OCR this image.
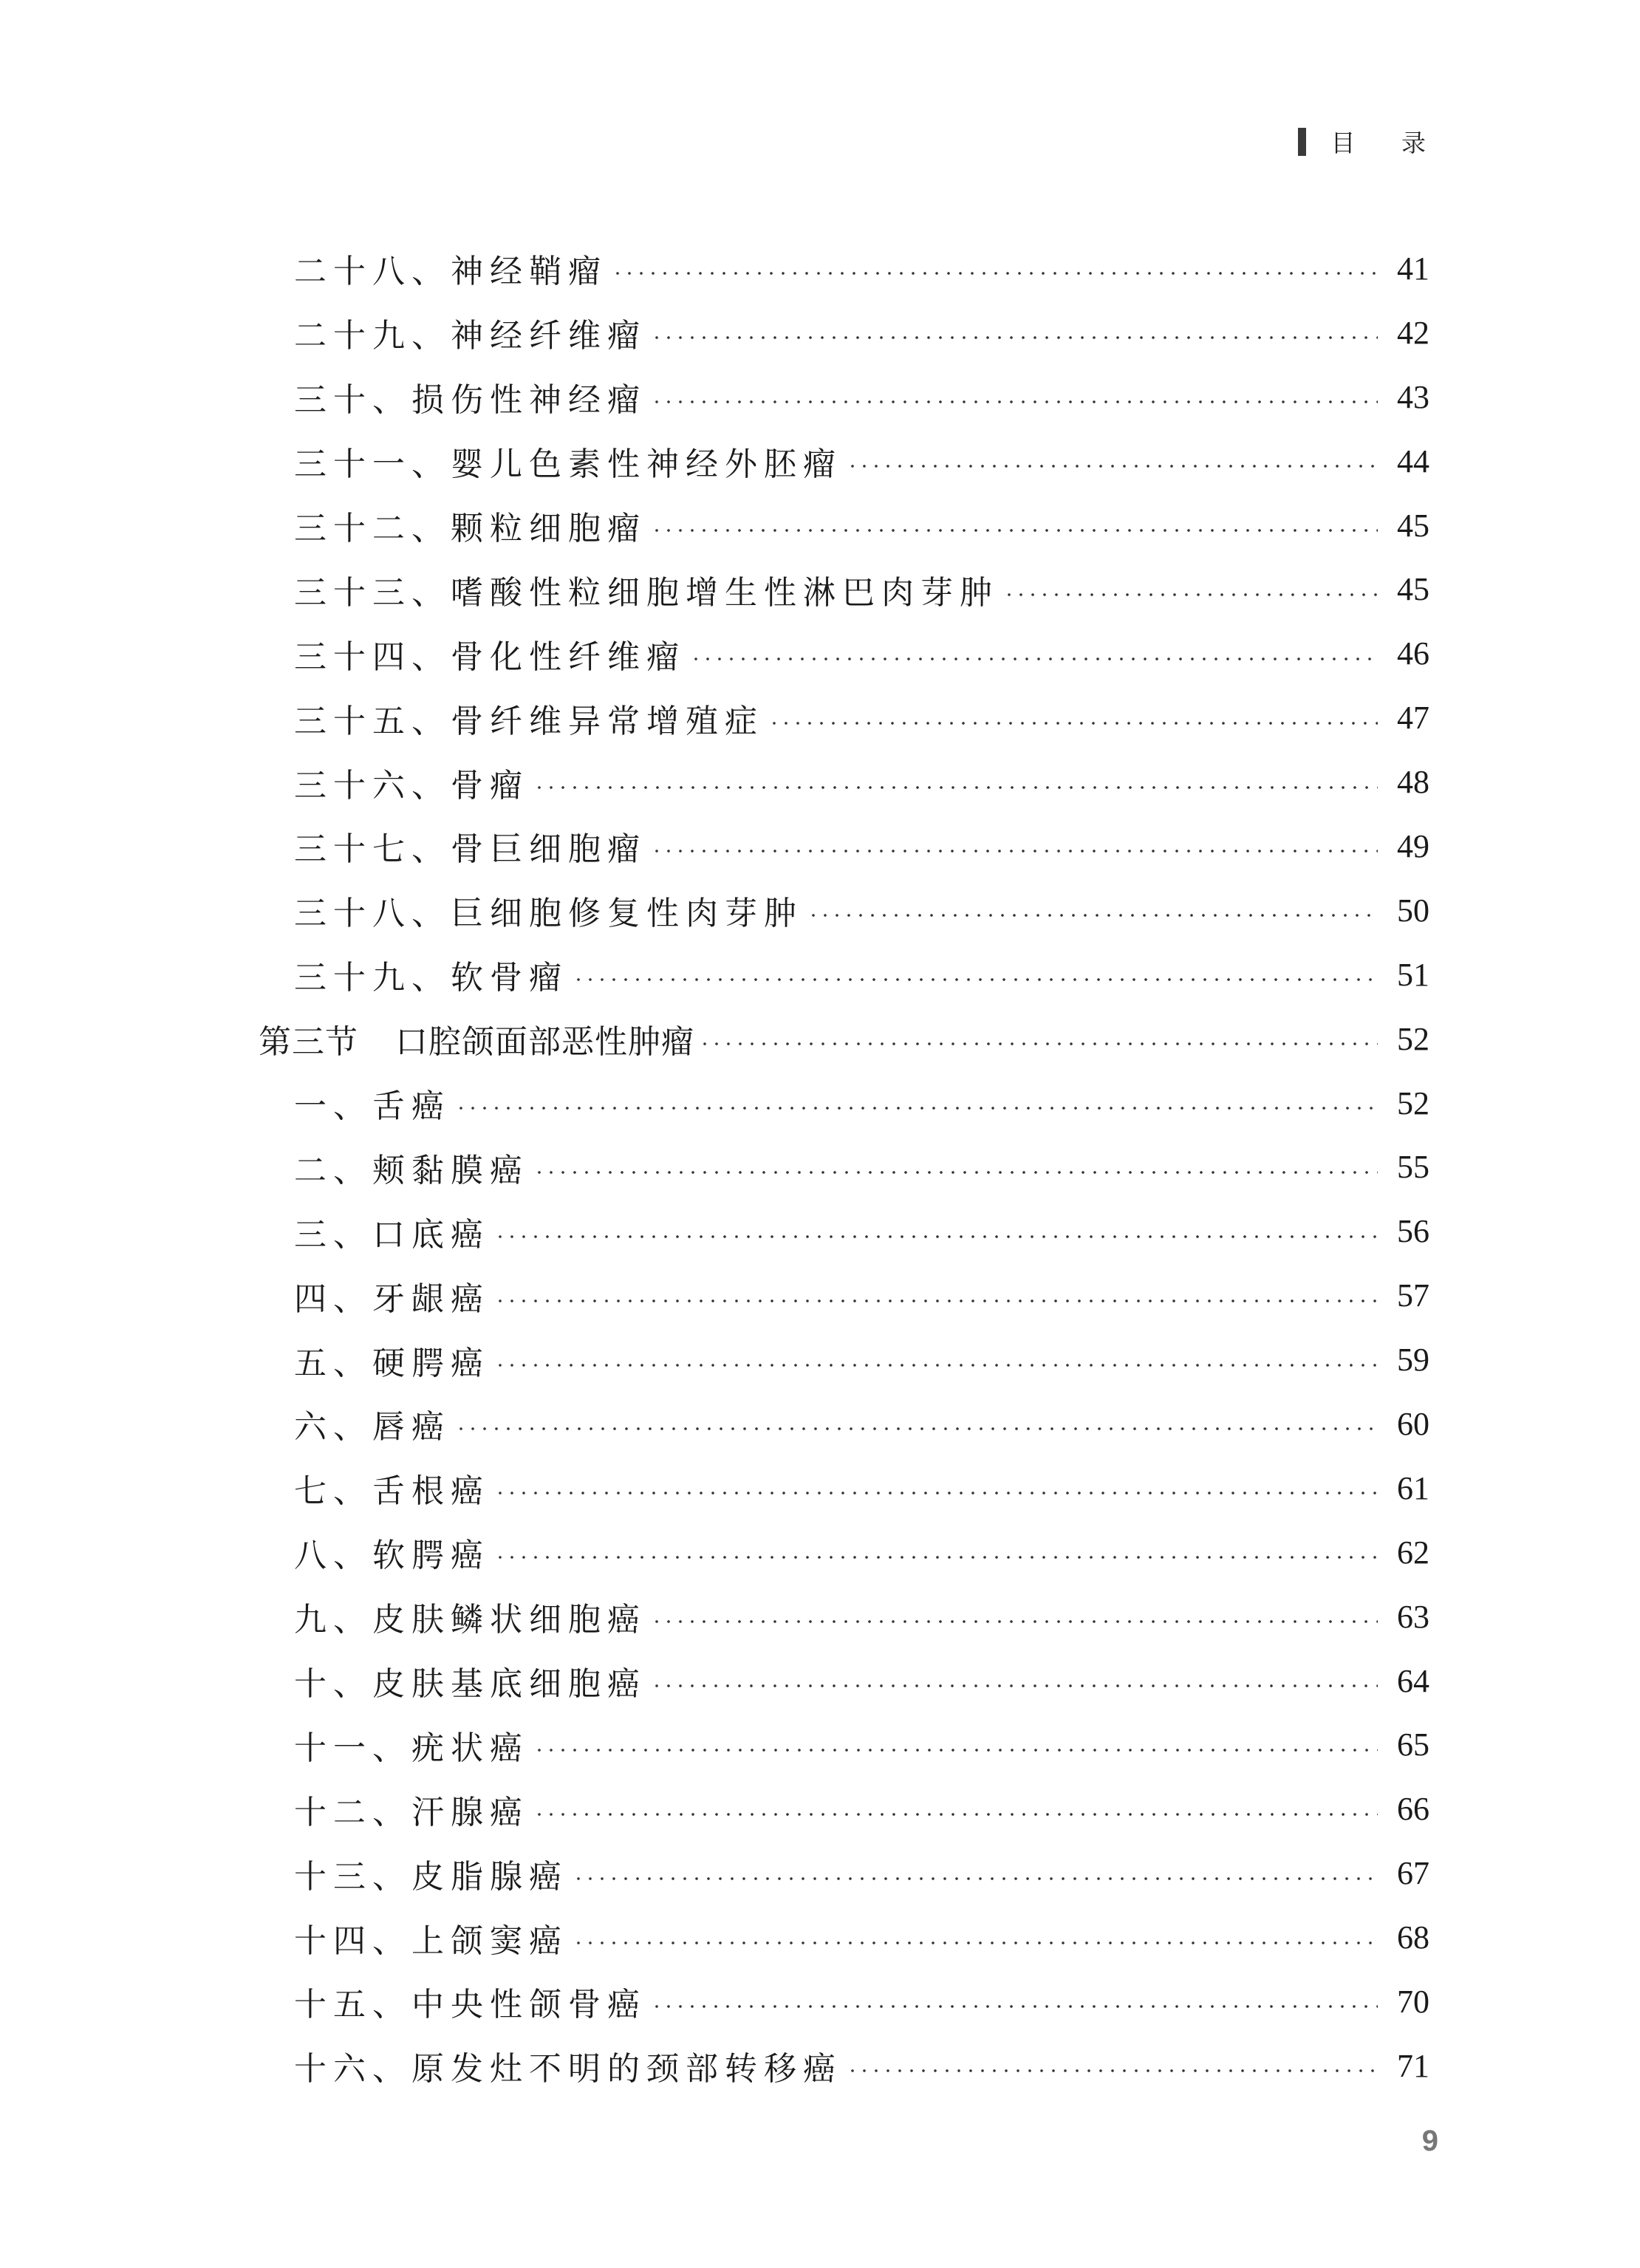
目 录
二十八、神经鞘瘤	41
二十九、神经纤维瘤	42
三十、损伤性神经瘤	43
三十一、婴儿色素性神经外胚瘤	44
三十二、颗粒细胞瘤	45
三十三、嗜酸性粒细胞增生性淋巴肉芽肿	45
三十四、骨化性纤维瘤	46
三十五、骨纤维异常增殖症	47
三十六、骨瘤	48
三十七、骨巨细胞瘤	49
三十八、巨细胞修复性肉芽肿	50
三十九、软骨瘤	51
第三节 口腔颌面部恶性肿瘤	52
一、舌癌	52
二、颊黏膜癌	55
三、口底癌	56
四、牙龈癌	57
五、硬腭癌	59
六、唇癌	60
七、舌根癌	61
八、软腭癌	62
九、皮肤鳞状细胞癌	63
十、皮肤基底细胞癌	64
十一、疣状癌	65
十二、汗腺癌	66
十三、皮脂腺癌	67
十四、上颌窦癌	68
十五、中央性颌骨癌	70
十六、原发灶不明的颈部转移癌	71
9
